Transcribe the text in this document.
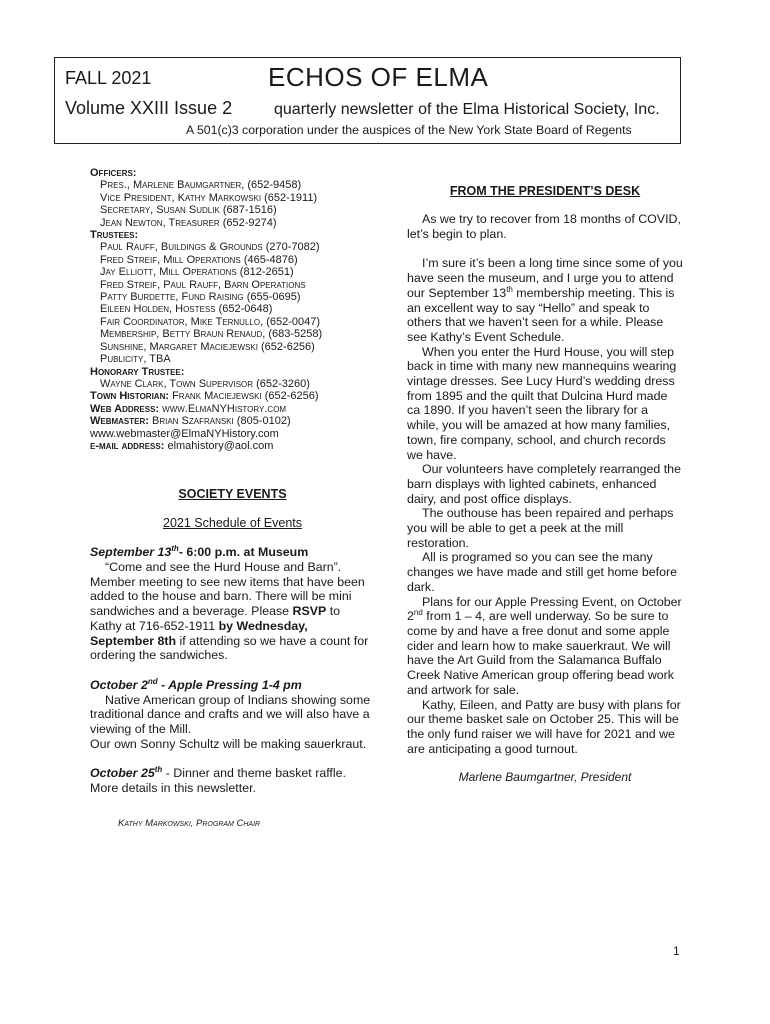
FALL 2021	ECHOS OF ELMA
Volume XXIII Issue 2	quarterly newsletter of the Elma Historical Society, Inc.
A 501(c)3 corporation under the auspices of the New York State Board of Regents
Officers:
Pres., Marlene Baumgartner, (652-9458)
Vice President, Kathy Markowski (652-1911)
Secretary, Susan Sudlik (687-1516)
Jean Newton, Treasurer (652-9274)
Trustees:
Paul Rauff, Buildings & Grounds (270-7082)
Fred Streif, Mill Operations (465-4876)
Jay Elliott, Mill Operations (812-2651)
Fred Streif, Paul Rauff, Barn Operations
Patty Burdette, Fund Raising (655-0695)
Eileen Holden, Hostess (652-0648)
Fair Coordinator, Mike Ternullo, (652-0047)
Membership, Betty Braun Renaud, (683-5258)
Sunshine, Margaret Maciejewski (652-6256)
Publicity, TBA
Honorary Trustee:
Wayne Clark, Town Supervisor (652-3260)
Town Historian: Frank Maciejewski (652-6256)
Web Address: www.ElmaNYHistory.com
Webmaster: Brian Szafranski (805-0102)
www.webmaster@ElmaNYHistory.com
e-mail address: elmahistory@aol.com
SOCIETY EVENTS
2021 Schedule of Events

September 13th- 6:00 p.m. at Museum

“Come and see the Hurd House and Barn”. Member meeting to see new items that have been added to the house and barn. There will be mini sandwiches and a beverage. Please RSVP to Kathy at 716-652-1911 by Wednesday, September 8th if attending so we have a count for ordering the sandwiches.

October 2nd - Apple Pressing 1-4 pm

Native American group of Indians showing some traditional dance and crafts and we will also have a viewing of the Mill.

Our own Sonny Schultz will be making sauerkraut.

October 25th - Dinner and theme basket raffle. More details in this newsletter.

Kathy Markowski, Program Chair
FROM THE PRESIDENT’S DESK

As we try to recover from 18 months of COVID, let’s begin to plan.

I’m sure it’s been a long time since some of you have seen the museum, and I urge you to attend our September 13th membership meeting. This is an excellent way to say “Hello” and speak to others that we haven’t seen for a while. Please see Kathy’s Event Schedule.

When you enter the Hurd House, you will step back in time with many new mannequins wearing vintage dresses. See Lucy Hurd’s wedding dress from 1895 and the quilt that Dulcina Hurd made ca 1890. If you haven’t seen the library for a while, you will be amazed at how many families, town, fire company, school, and church records we have.

Our volunteers have completely rearranged the barn displays with lighted cabinets, enhanced dairy, and post office displays.

The outhouse has been repaired and perhaps you will be able to get a peek at the mill restoration.

All is programed so you can see the many changes we have made and still get home before dark.

Plans for our Apple Pressing Event, on October 2nd from 1 – 4, are well underway. So be sure to come by and have a free donut and some apple cider and learn how to make sauerkraut. We will have the Art Guild from the Salamanca Buffalo Creek Native American group offering bead work and artwork for sale.

Kathy, Eileen, and Patty are busy with plans for our theme basket sale on October 25. This will be the only fund raiser we will have for 2021 and we are anticipating a good turnout.

Marlene Baumgartner, President
1
